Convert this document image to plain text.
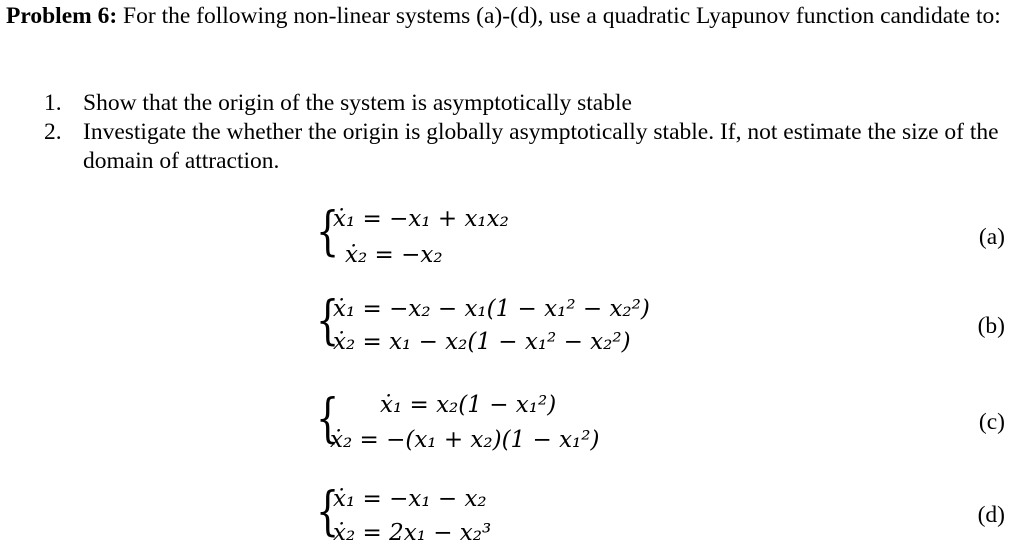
Problem 6: For the following non-linear systems (a)-(d), use a quadratic Lyapunov function candidate to:
1. Show that the origin of the system is asymptotically stable
2. Investigate the whether the origin is globally asymptotically stable. If, not estimate the size of the domain of attraction.
{
ẋ₁ = −x₁ + x₁x₂
ẋ₂ = −x₂
(a)
{
ẋ₁ = −x₂ − x₁(1 − x₁² − x₂²)
ẋ₂ = x₁ − x₂(1 − x₁² − x₂²)
(b)
{ ẋ₁ = x₂(1 − x₁²)
ẋ₂ = −(x₁ + x₂)(1 − x₁²)
(c)
{
ẋ₁ = −x₁ − x₂
ẋ₂ = 2x₁ − x₂³
(d)
